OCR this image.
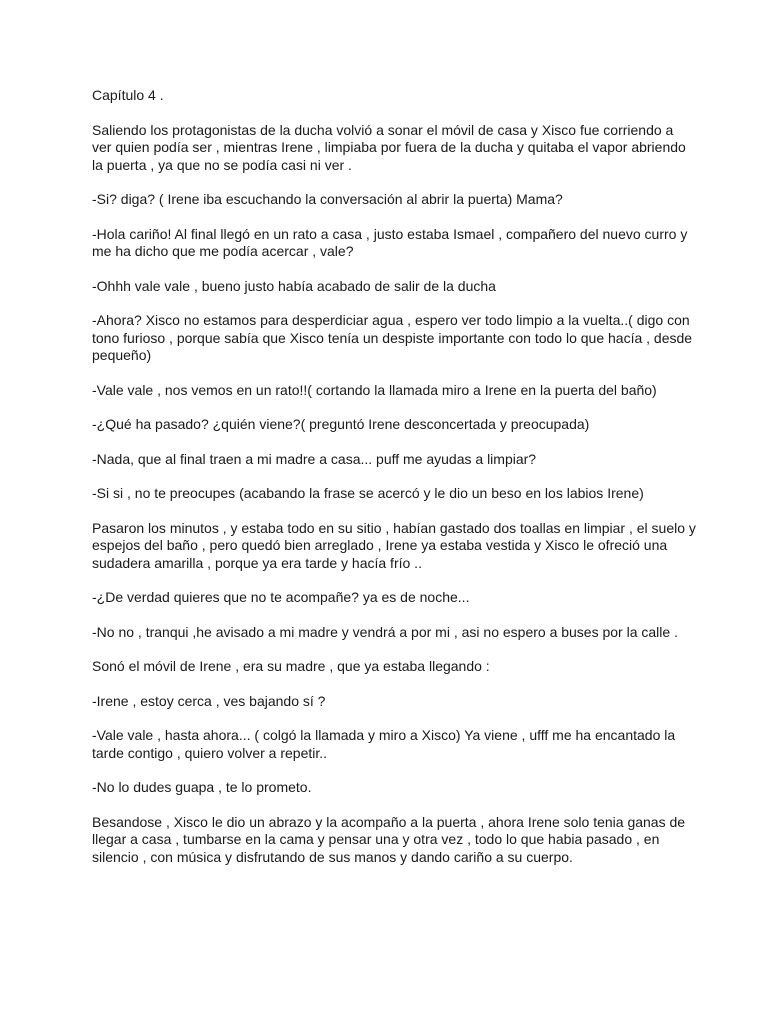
Capítulo 4 .

Saliendo los protagonistas de la ducha volvió a sonar el móvil de casa y Xisco fue corriendo a ver quien podía ser , mientras Irene , limpiaba por fuera de la ducha y quitaba el vapor abriendo la puerta , ya que no se podía casi ni ver .

-Si? diga? ( Irene iba escuchando la conversación al abrir la puerta) Mama?

-Hola cariño! Al final llegó en un rato a casa , justo estaba Ismael , compañero del nuevo curro y me ha dicho que me podía acercar , vale?

-Ohhh vale vale , bueno justo había acabado de salir de la ducha

-Ahora? Xisco no estamos para desperdiciar agua , espero ver todo limpio a la vuelta..( digo con tono furioso , porque sabía que Xisco tenía un despiste importante con todo lo que hacía , desde pequeño)

-Vale vale , nos vemos en un rato!!( cortando la llamada miro a Irene en la puerta del baño)

-¿Qué ha pasado? ¿quién viene?( preguntó Irene desconcertada y preocupada)

-Nada, que al final traen a mi madre a casa... puff me ayudas a limpiar?

-Si si , no te preocupes (acabando la frase se acercó y le dio un beso en los labios Irene)

Pasaron los minutos , y estaba todo en su sitio , habían gastado dos toallas en limpiar , el suelo y espejos del baño , pero quedó bien arreglado , Irene ya estaba vestida y Xisco le ofreció una sudadera amarilla , porque ya era tarde y hacía frío ..

-¿De verdad quieres que no te acompañe? ya es de noche...

-No no , tranqui ,he avisado a mi madre y vendrá a por mi , asi no espero a buses por la calle .

Sonó el móvil de Irene , era su madre , que ya estaba llegando :

-Irene , estoy cerca , ves bajando sí ?

-Vale vale , hasta ahora... ( colgó la llamada y miro a Xisco) Ya viene , ufff me ha encantado la tarde contigo , quiero volver a repetir..

-No lo dudes guapa , te lo prometo.

Besandose , Xisco le dio un abrazo y la acompaño a la puerta , ahora Irene solo tenia ganas de llegar a casa , tumbarse en la cama y pensar una y otra vez , todo lo que habia pasado , en silencio , con música y disfrutando de sus manos y dando cariño a su cuerpo.
